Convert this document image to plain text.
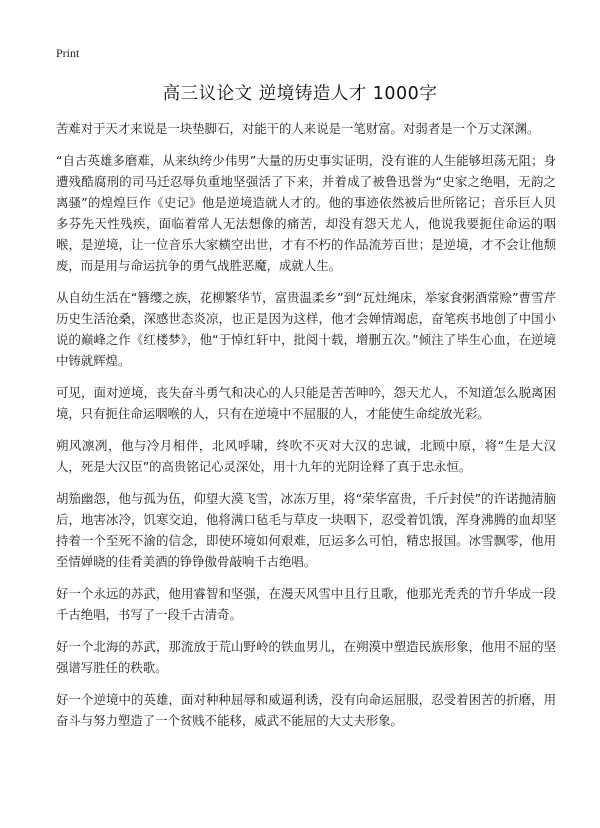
Print
高三议论文 逆境铸造人才 1000字

苦难对于天才来说是一块垫脚石，对能干的人来说是一笔财富。对弱者是一个万丈深渊。

“自古英雄多磨难，从来纨绔少伟男”大量的历史事实证明，没有谁的人生能够坦荡无阻；身遭残酷腐刑的司马迁忍辱负重地坚强活了下来，并着成了被鲁迅誉为“史家之绝唱，无韵之离骚”的煌煌巨作《史记》他是逆境造就人才的。他的事迹依然被后世所铭记；音乐巨人贝多芬先天性残疾，面临着常人无法想像的痛苦，却没有怨天尤人，他说我要扼住命运的咽喉，是逆境，让一位音乐大家横空出世，才有不朽的作品流芳百世；是逆境，才不会让他颓废，而是用与命运抗争的勇气战胜恶魔，成就人生。

从自幼生活在“簪缨之族，花柳繁华节，富贵温柔乡”到“瓦灶绳床，举家食粥酒常赊”曹雪芹历史生活沧桑，深感世态炎凉，也正是因为这样，他才会婵情竭虑，奋笔疾书地创了中国小说的巅峰之作《红楼梦》，他“于悼红轩中，批阅十载，增删五次。”倾注了毕生心血，在逆境中铸就辉煌。

可见，面对逆境，丧失奋斗勇气和决心的人只能是苦苦呻吟，怨天尤人，不知道怎么脱离困境，只有扼住命运咽喉的人，只有在逆境中不屈服的人，才能使生命绽放光彩。

朔风凛冽，他与冷月相伴，北风呼啸，终吹不灭对大汉的忠诚，北顾中原，将“生是大汉人，死是大汉臣”的高贵铭记心灵深处，用十九年的光阴诠释了真于忠永恒。

胡笳幽怨，他与孤为伍，仰望大漠飞雪，冰冻万里，将“荣华富贵，千斤封侯”的许诺抛清脑后，地害冰冷，饥寒交迫，他将满口毡毛与草皮一块咽下，忍受着饥饿，浑身沸腾的血却坚持着一个至死不渝的信念，即使环境如何艰难，厄运多么可怕，精忠报国。冰雪飘零，他用至情婵晓的佳肴美酒的铮铮傲骨敲响千古绝唱。

好一个永远的苏武，他用睿智和坚强，在漫天风雪中且行且歌，他那光秃秃的节升华成一段千古绝唱，书写了一段千古清奇。

好一个北海的苏武，那流放于荒山野岭的铁血男儿，在朔漠中塑造民族形象，他用不屈的坚强谱写胜任的秩歌。

好一个逆境中的英雄，面对种种屈辱和威逼利诱，没有向命运屈服，忍受着困苦的折磨，用奋斗与努力塑造了一个贫贱不能移，威武不能屈的大丈夫形象。
